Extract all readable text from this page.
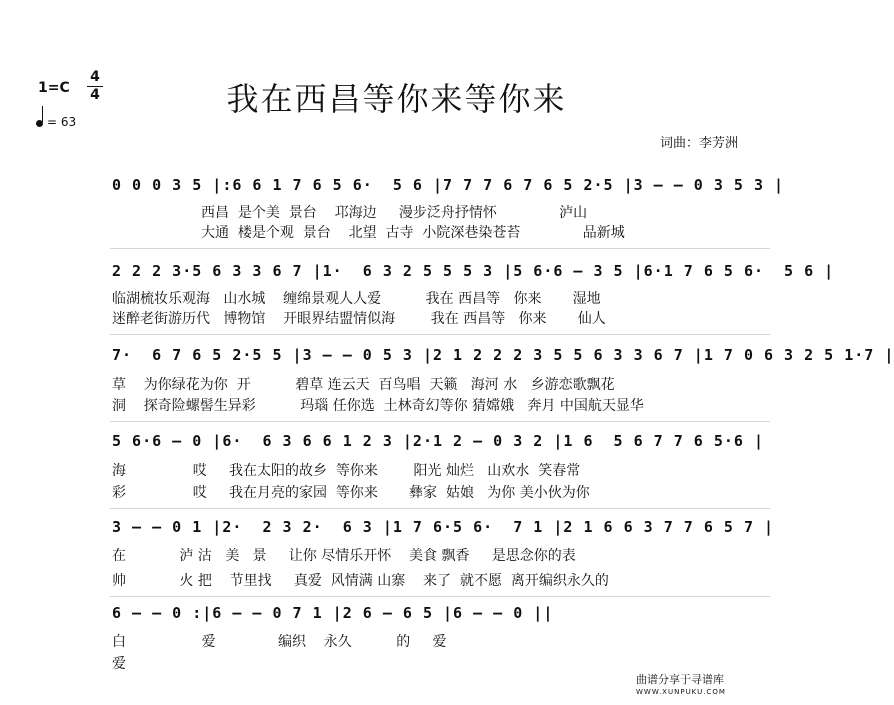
1=C
4
4
= 63
我在西昌等你来等你来
词曲：李芳洲
0 0 0 3 5 |:6 6 1 7 6 5 6·  5 6 |7 7 7 6 7 6 5 2·5 |3 – – 0 3 5 3 |
西昌  是个美  景台    邛海边     漫步泛舟抒情怀              泸山
大通  楼是个观  景台    北望  古寺  小院深巷染苍苔              品新城
2 2 2 3·5 6 3 3 6 7 |1·  6 3 2 5 5 5 3 |5 6·6 – 3 5 |6·1 7 6 5 6·  5 6 |
临湖梳妆乐观海   山水城    缠绵景观人人爱          我在 西昌等   你来       湿地
迷醉老街游历代   博物馆    开眼界结盟情似海        我在 西昌等   你来       仙人
7·  6 7 6 5 2·5 5 |3 – – 0 5 3 |2 1 2 2 2 3 5 5 6 3 3 6 7 |1 7 0 6 3 2 5 1·7 |
草    为你绿花为你  开          碧草 连云天  百鸟唱  天籁   海河 水   乡游恋歌飘花
洞    探奇险螺髻生异彩          玛瑙 任你选  土林奇幻等你 猜嫦娥   奔月 中国航天显华
5 6·6 – 0 |6·  6 3 6 6 1 2 3 |2·1 2 – 0 3 2 |1 6  5 6 7 7 6 5·6 |
海               哎     我在太阳的故乡  等你来        阳光 灿烂   山欢水  笑春常
彩               哎     我在月亮的家园  等你来       彝家  姑娘   为你 美小伙为你
3 – – 0 1 |2·  2 3 2·  6 3 |1 7 6·5 6·  7 1 |2 1 6 6 3 7 7 6 5 7 |
在            泸 沽   美   景     让你 尽情乐开怀    美食 飘香     是思念你的表
帅            火 把    节里找     真爱  风情满 山寨    来了  就不愿  离开编织永久的
6 – – 0 :|6 – – 0 7 1 |2 6 – 6 5 |6 – – 0 ||
白                 爱              编织    永久          的     爱
爱
曲谱分享于寻谱库
WWW.XUNPUKU.COM
